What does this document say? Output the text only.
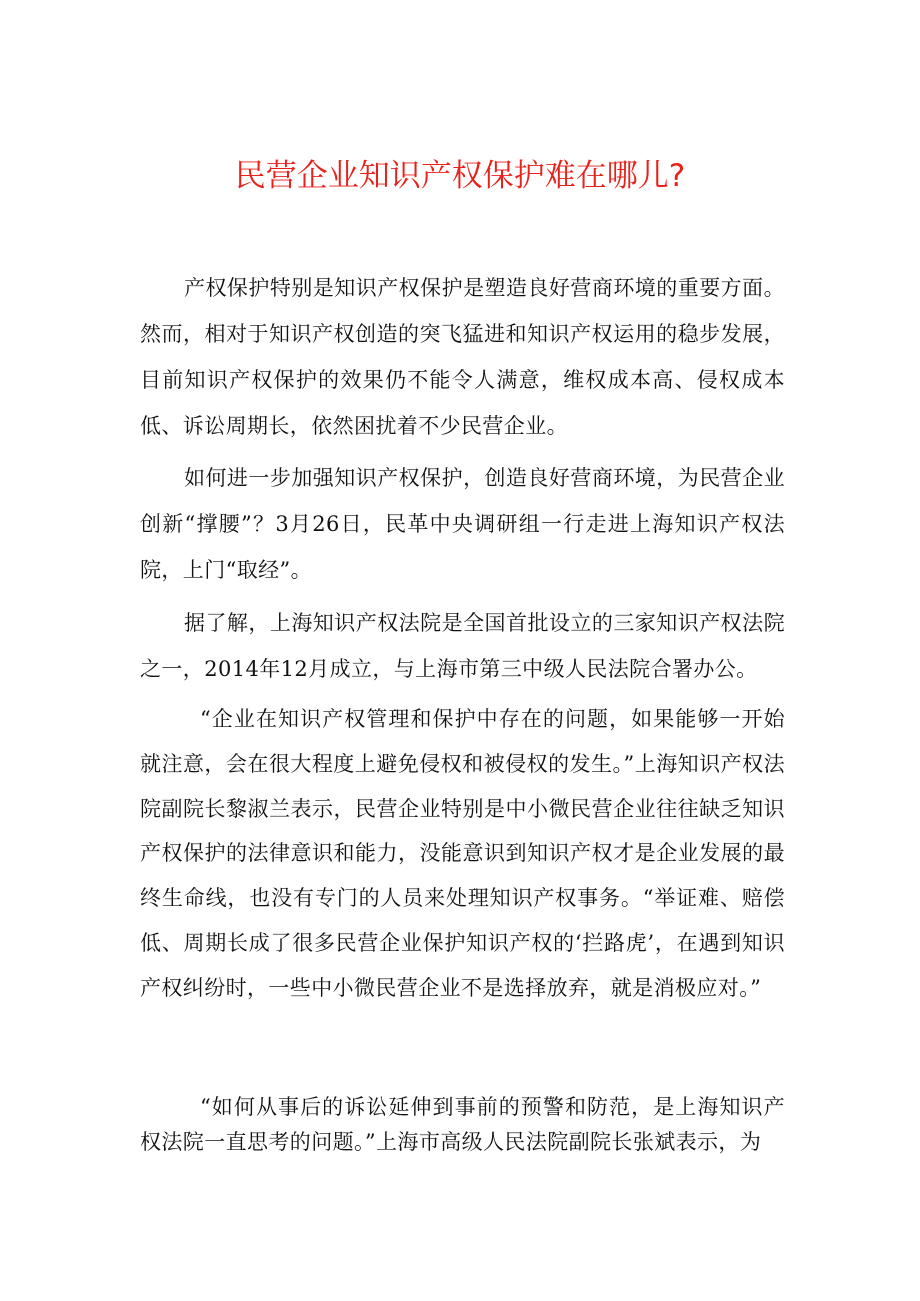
民营企业知识产权保护难在哪儿?

产权保护特别是知识产权保护是塑造良好营商环境的重要方面。然而，相对于知识产权创造的突飞猛进和知识产权运用的稳步发展，目前知识产权保护的效果仍不能令人满意，维权成本高、侵权成本低、诉讼周期长，依然困扰着不少民营企业。

如何进一步加强知识产权保护，创造良好营商环境，为民营企业创新“撑腰”？3月26日，民革中央调研组一行走进上海知识产权法院，上门“取经”。

据了解，上海知识产权法院是全国首批设立的三家知识产权法院之一，2014年12月成立，与上海市第三中级人民法院合署办公。

“企业在知识产权管理和保护中存在的问题，如果能够一开始就注意，会在很大程度上避免侵权和被侵权的发生。”上海知识产权法院副院长黎淑兰表示，民营企业特别是中小微民营企业往往缺乏知识产权保护的法律意识和能力，没能意识到知识产权才是企业发展的最终生命线，也没有专门的人员来处理知识产权事务。“举证难、赔偿低、周期长成了很多民营企业保护知识产权的‘拦路虎’，在遇到知识产权纠纷时，一些中小微民营企业不是选择放弃，就是消极应对。”

“如何从事后的诉讼延伸到事前的预警和防范，是上海知识产权法院一直思考的问题。”上海市高级人民法院副院长张斌表示，为
